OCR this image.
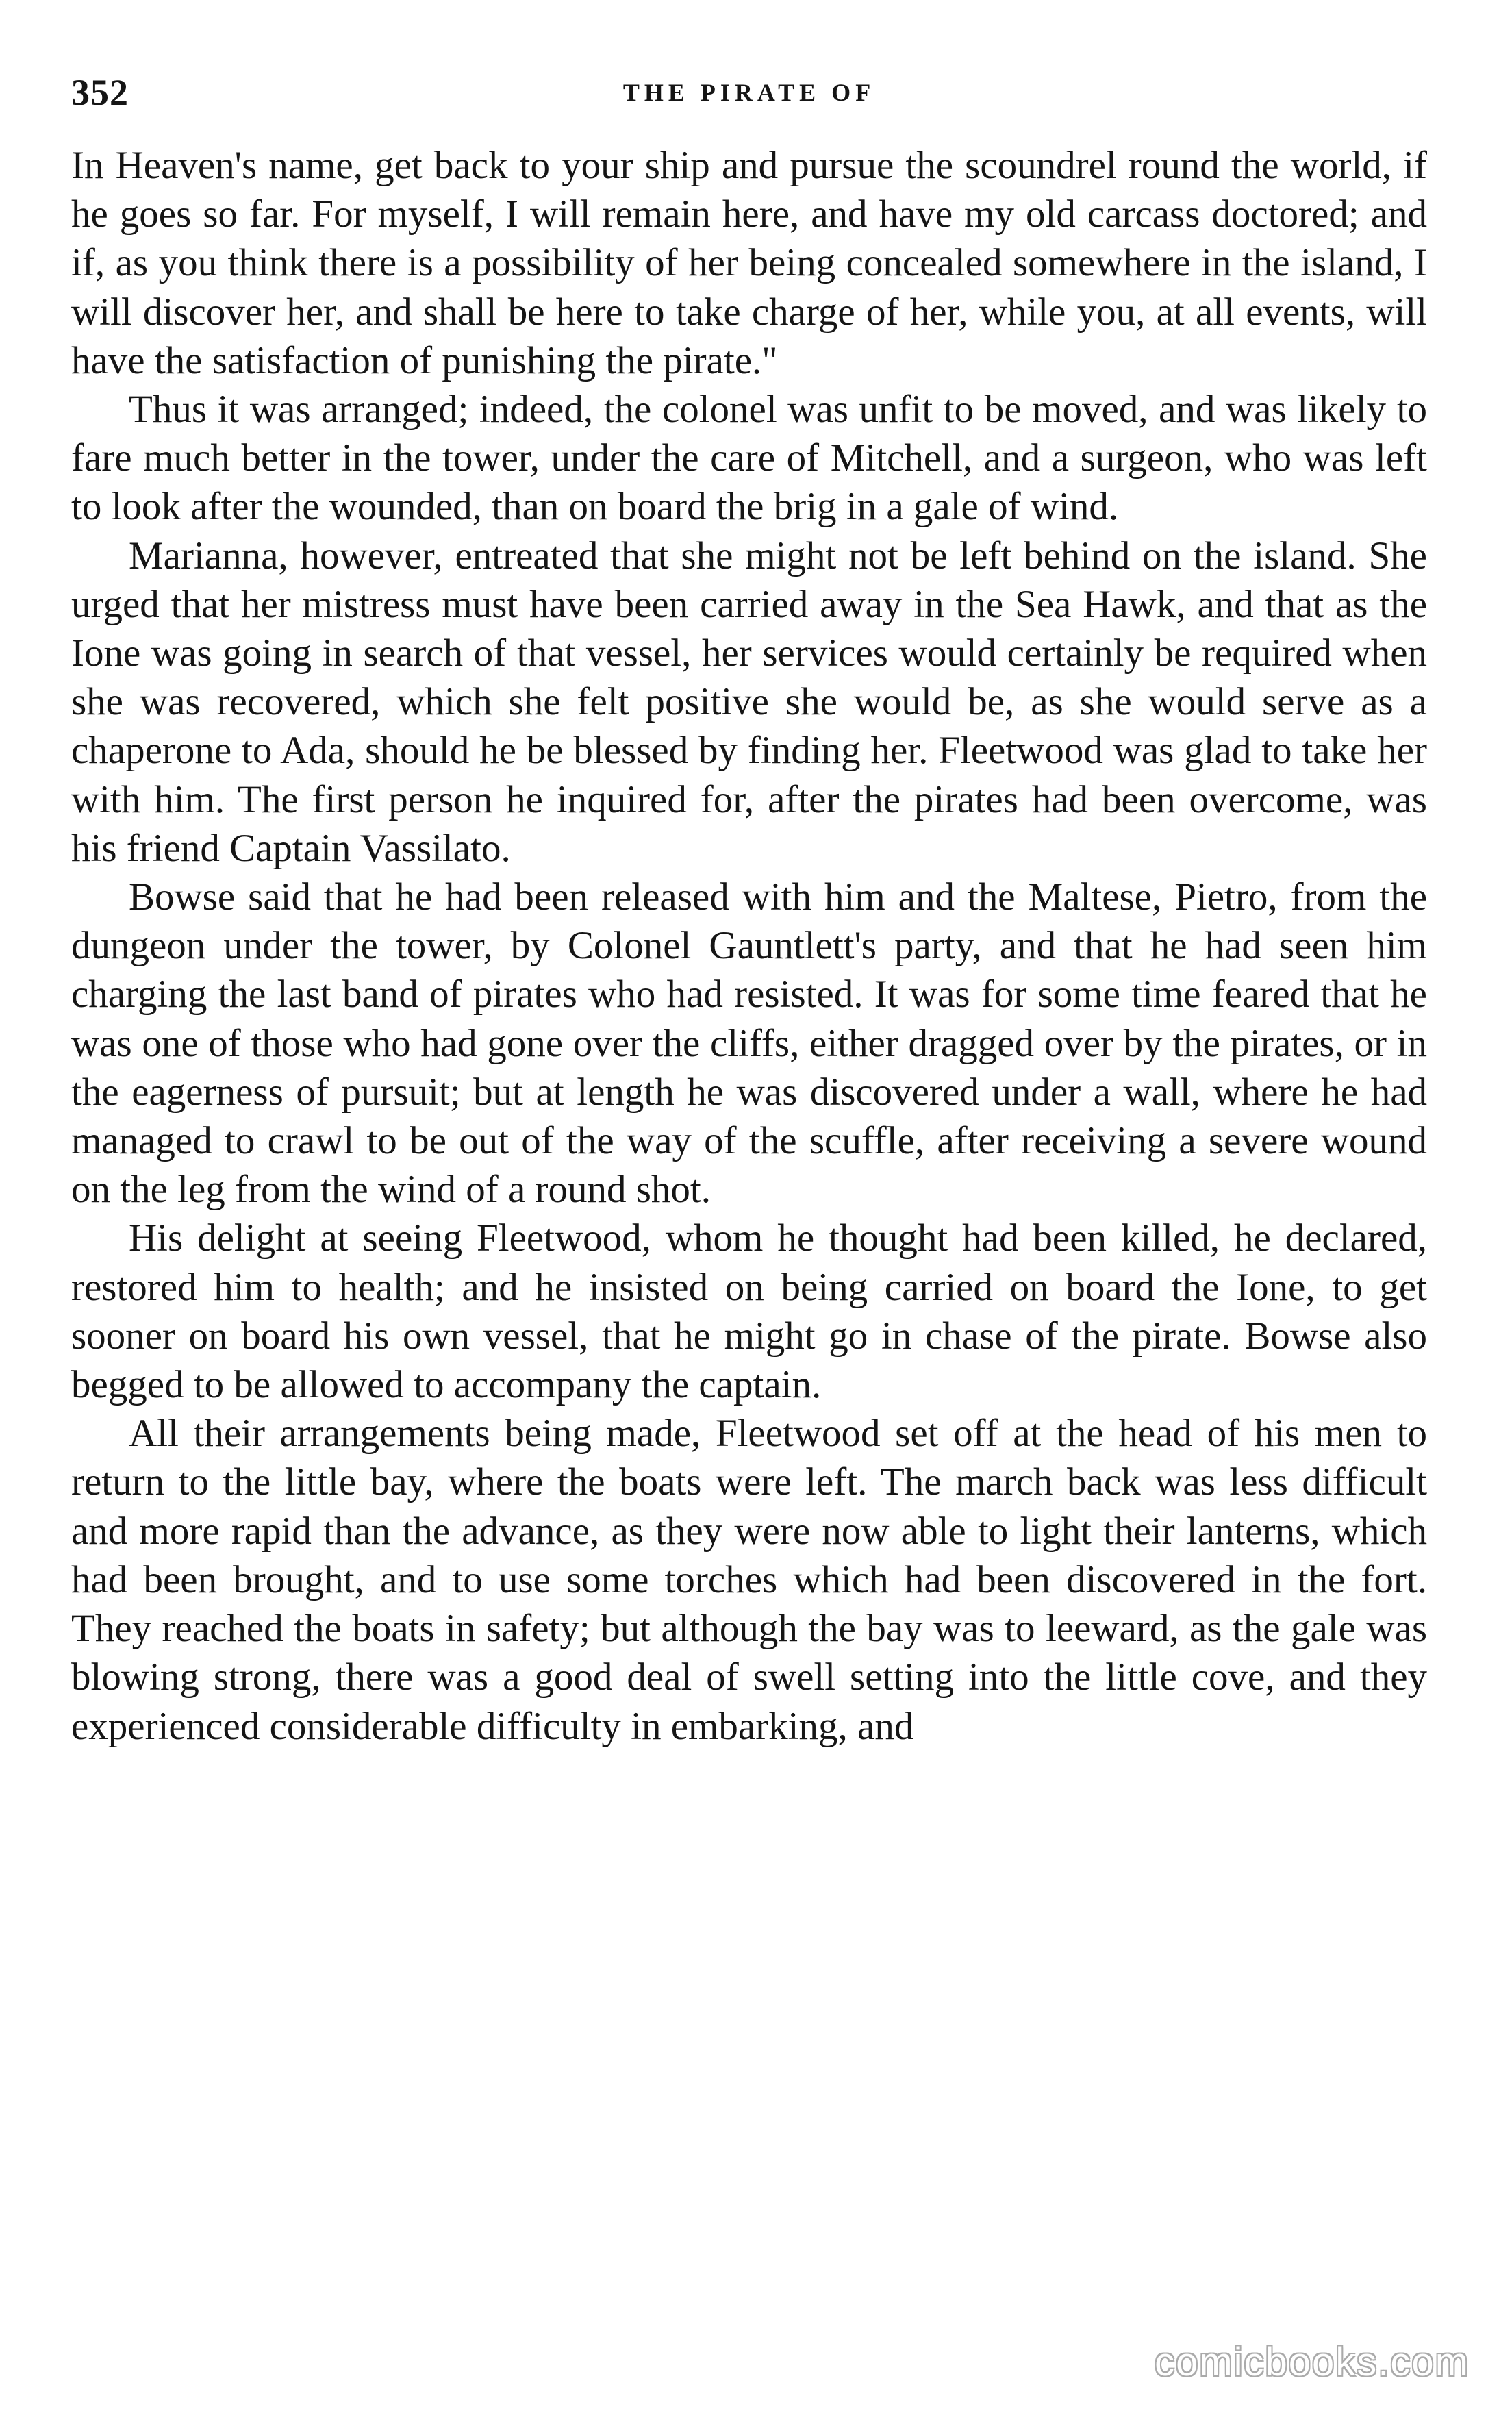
352	THE PIRATE OF

In Heaven's name, get back to your ship and pursue the scoundrel round the world, if he goes so far. For myself, I will remain here, and have my old carcass doctored; and if, as you think there is a possibility of her being concealed somewhere in the island, I will discover her, and shall be here to take charge of her, while you, at all events, will have the satisfaction of punishing the pirate."

Thus it was arranged; indeed, the colonel was unfit to be moved, and was likely to fare much better in the tower, under the care of Mitchell, and a surgeon, who was left to look after the wounded, than on board the brig in a gale of wind.

Marianna, however, entreated that she might not be left behind on the island. She urged that her mistress must have been carried away in the Sea Hawk, and that as the Ione was going in search of that vessel, her services would certainly be required when she was recovered, which she felt positive she would be, as she would serve as a chaperone to Ada, should he be blessed by finding her. Fleetwood was glad to take her with him. The first person he inquired for, after the pirates had been overcome, was his friend Captain Vassilato.

Bowse said that he had been released with him and the Maltese, Pietro, from the dungeon under the tower, by Colonel Gauntlett's party, and that he had seen him charging the last band of pirates who had resisted. It was for some time feared that he was one of those who had gone over the cliffs, either dragged over by the pirates, or in the eagerness of pursuit; but at length he was discovered under a wall, where he had managed to crawl to be out of the way of the scuffle, after receiving a severe wound on the leg from the wind of a round shot.

His delight at seeing Fleetwood, whom he thought had been killed, he declared, restored him to health; and he insisted on being carried on board the Ione, to get sooner on board his own vessel, that he might go in chase of the pirate. Bowse also begged to be allowed to accompany the captain.

All their arrangements being made, Fleetwood set off at the head of his men to return to the little bay, where the boats were left. The march back was less difficult and more rapid than the advance, as they were now able to light their lanterns, which had been brought, and to use some torches which had been discovered in the fort. They reached the boats in safety; but although the bay was to leeward, as the gale was blowing strong, there was a good deal of swell setting into the little cove, and they experienced considerable difficulty in embarking, and

comicbooks.com
